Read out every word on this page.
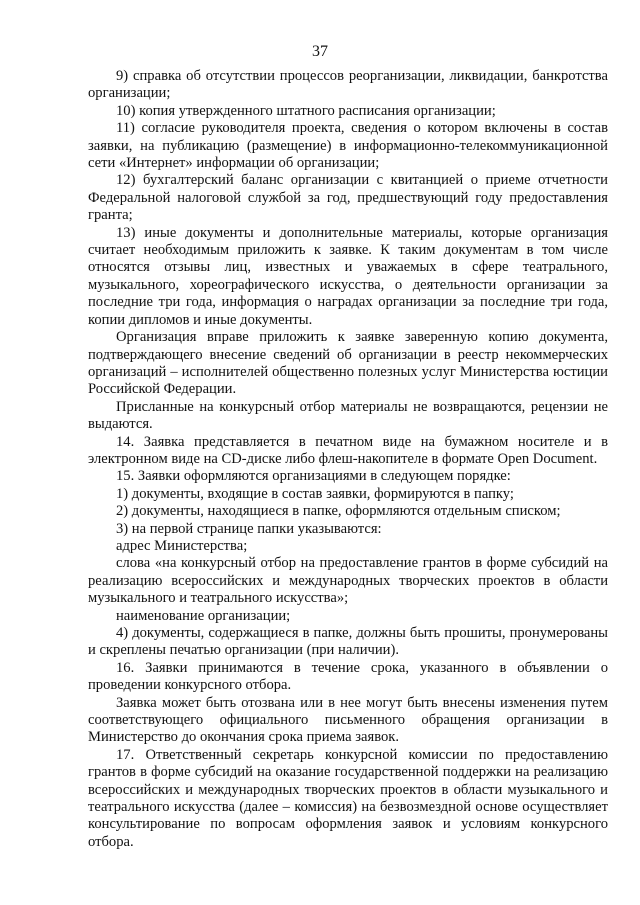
37

9) справка об отсутствии процессов реорганизации, ликвидации, банкротства организации;

10) копия утвержденного штатного расписания организации;

11) согласие руководителя проекта, сведения о котором включены в состав заявки, на публикацию (размещение) в информационно-телекоммуникационной сети «Интернет» информации об организации;

12) бухгалтерский баланс организации с квитанцией о приеме отчетности Федеральной налоговой службой за год, предшествующий году предоставления гранта;

13) иные документы и дополнительные материалы, которые организация считает необходимым приложить к заявке. К таким документам в том числе относятся отзывы лиц, известных и уважаемых в сфере театрального, музыкального, хореографического искусства, о деятельности организации за последние три года, информация о наградах организации за последние три года, копии дипломов и иные документы.

Организация вправе приложить к заявке заверенную копию документа, подтверждающего внесение сведений об организации в реестр некоммерческих организаций – исполнителей общественно полезных услуг Министерства юстиции Российской Федерации.

Присланные на конкурсный отбор материалы не возвращаются, рецензии не выдаются.

14. Заявка представляется в печатном виде на бумажном носителе и в электронном виде на CD-диске либо флеш-накопителе в формате Open Document.

15. Заявки оформляются организациями в следующем порядке:

1) документы, входящие в состав заявки, формируются в папку;

2) документы, находящиеся в папке, оформляются отдельным списком;

3) на первой странице папки указываются:

адрес Министерства;

слова «на конкурсный отбор на предоставление грантов в форме субсидий на реализацию всероссийских и международных творческих проектов в области музыкального и театрального искусства»;

наименование организации;

4) документы, содержащиеся в папке, должны быть прошиты, пронумерованы и скреплены печатью организации (при наличии).

16. Заявки принимаются в течение срока, указанного в объявлении о проведении конкурсного отбора.

Заявка может быть отозвана или в нее могут быть внесены изменения путем соответствующего официального письменного обращения организации в Министерство до окончания срока приема заявок.

17. Ответственный секретарь конкурсной комиссии по предоставлению грантов в форме субсидий на оказание государственной поддержки на реализацию всероссийских и международных творческих проектов в области музыкального и театрального искусства (далее – комиссия) на безвозмездной основе осуществляет консультирование по вопросам оформления заявок и условиям конкурсного отбора.
